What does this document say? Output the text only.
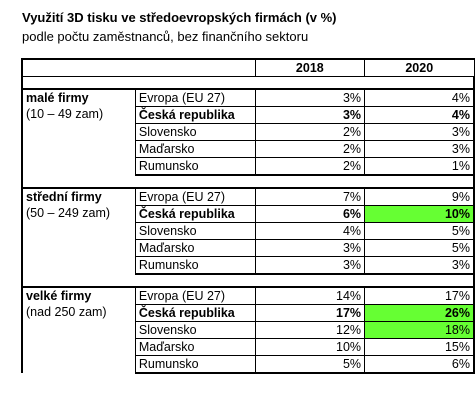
Využití 3D tisku ve středoevropských firmách (v %)
podle počtu zaměstnanců, bez finančního sektoru
		2018	2020

malé firmy
(10 – 49 zam)	Evropa (EU 27)	3%	4%
	Česká republika	3%	4%
	Slovensko	2%	3%
	Maďarsko	2%	3%
	Rumunsko	2%	1%

střední firmy
(50 – 249 zam)	Evropa (EU 27)	7%	9%
	Česká republika	6%	10%
	Slovensko	4%	5%
	Maďarsko	3%	5%
	Rumunsko	3%	3%

velké firmy
(nad 250 zam)	Evropa (EU 27)	14%	17%
	Česká republika	17%	26%
	Slovensko	12%	18%
	Maďarsko	10%	15%
	Rumunsko	5%	6%
